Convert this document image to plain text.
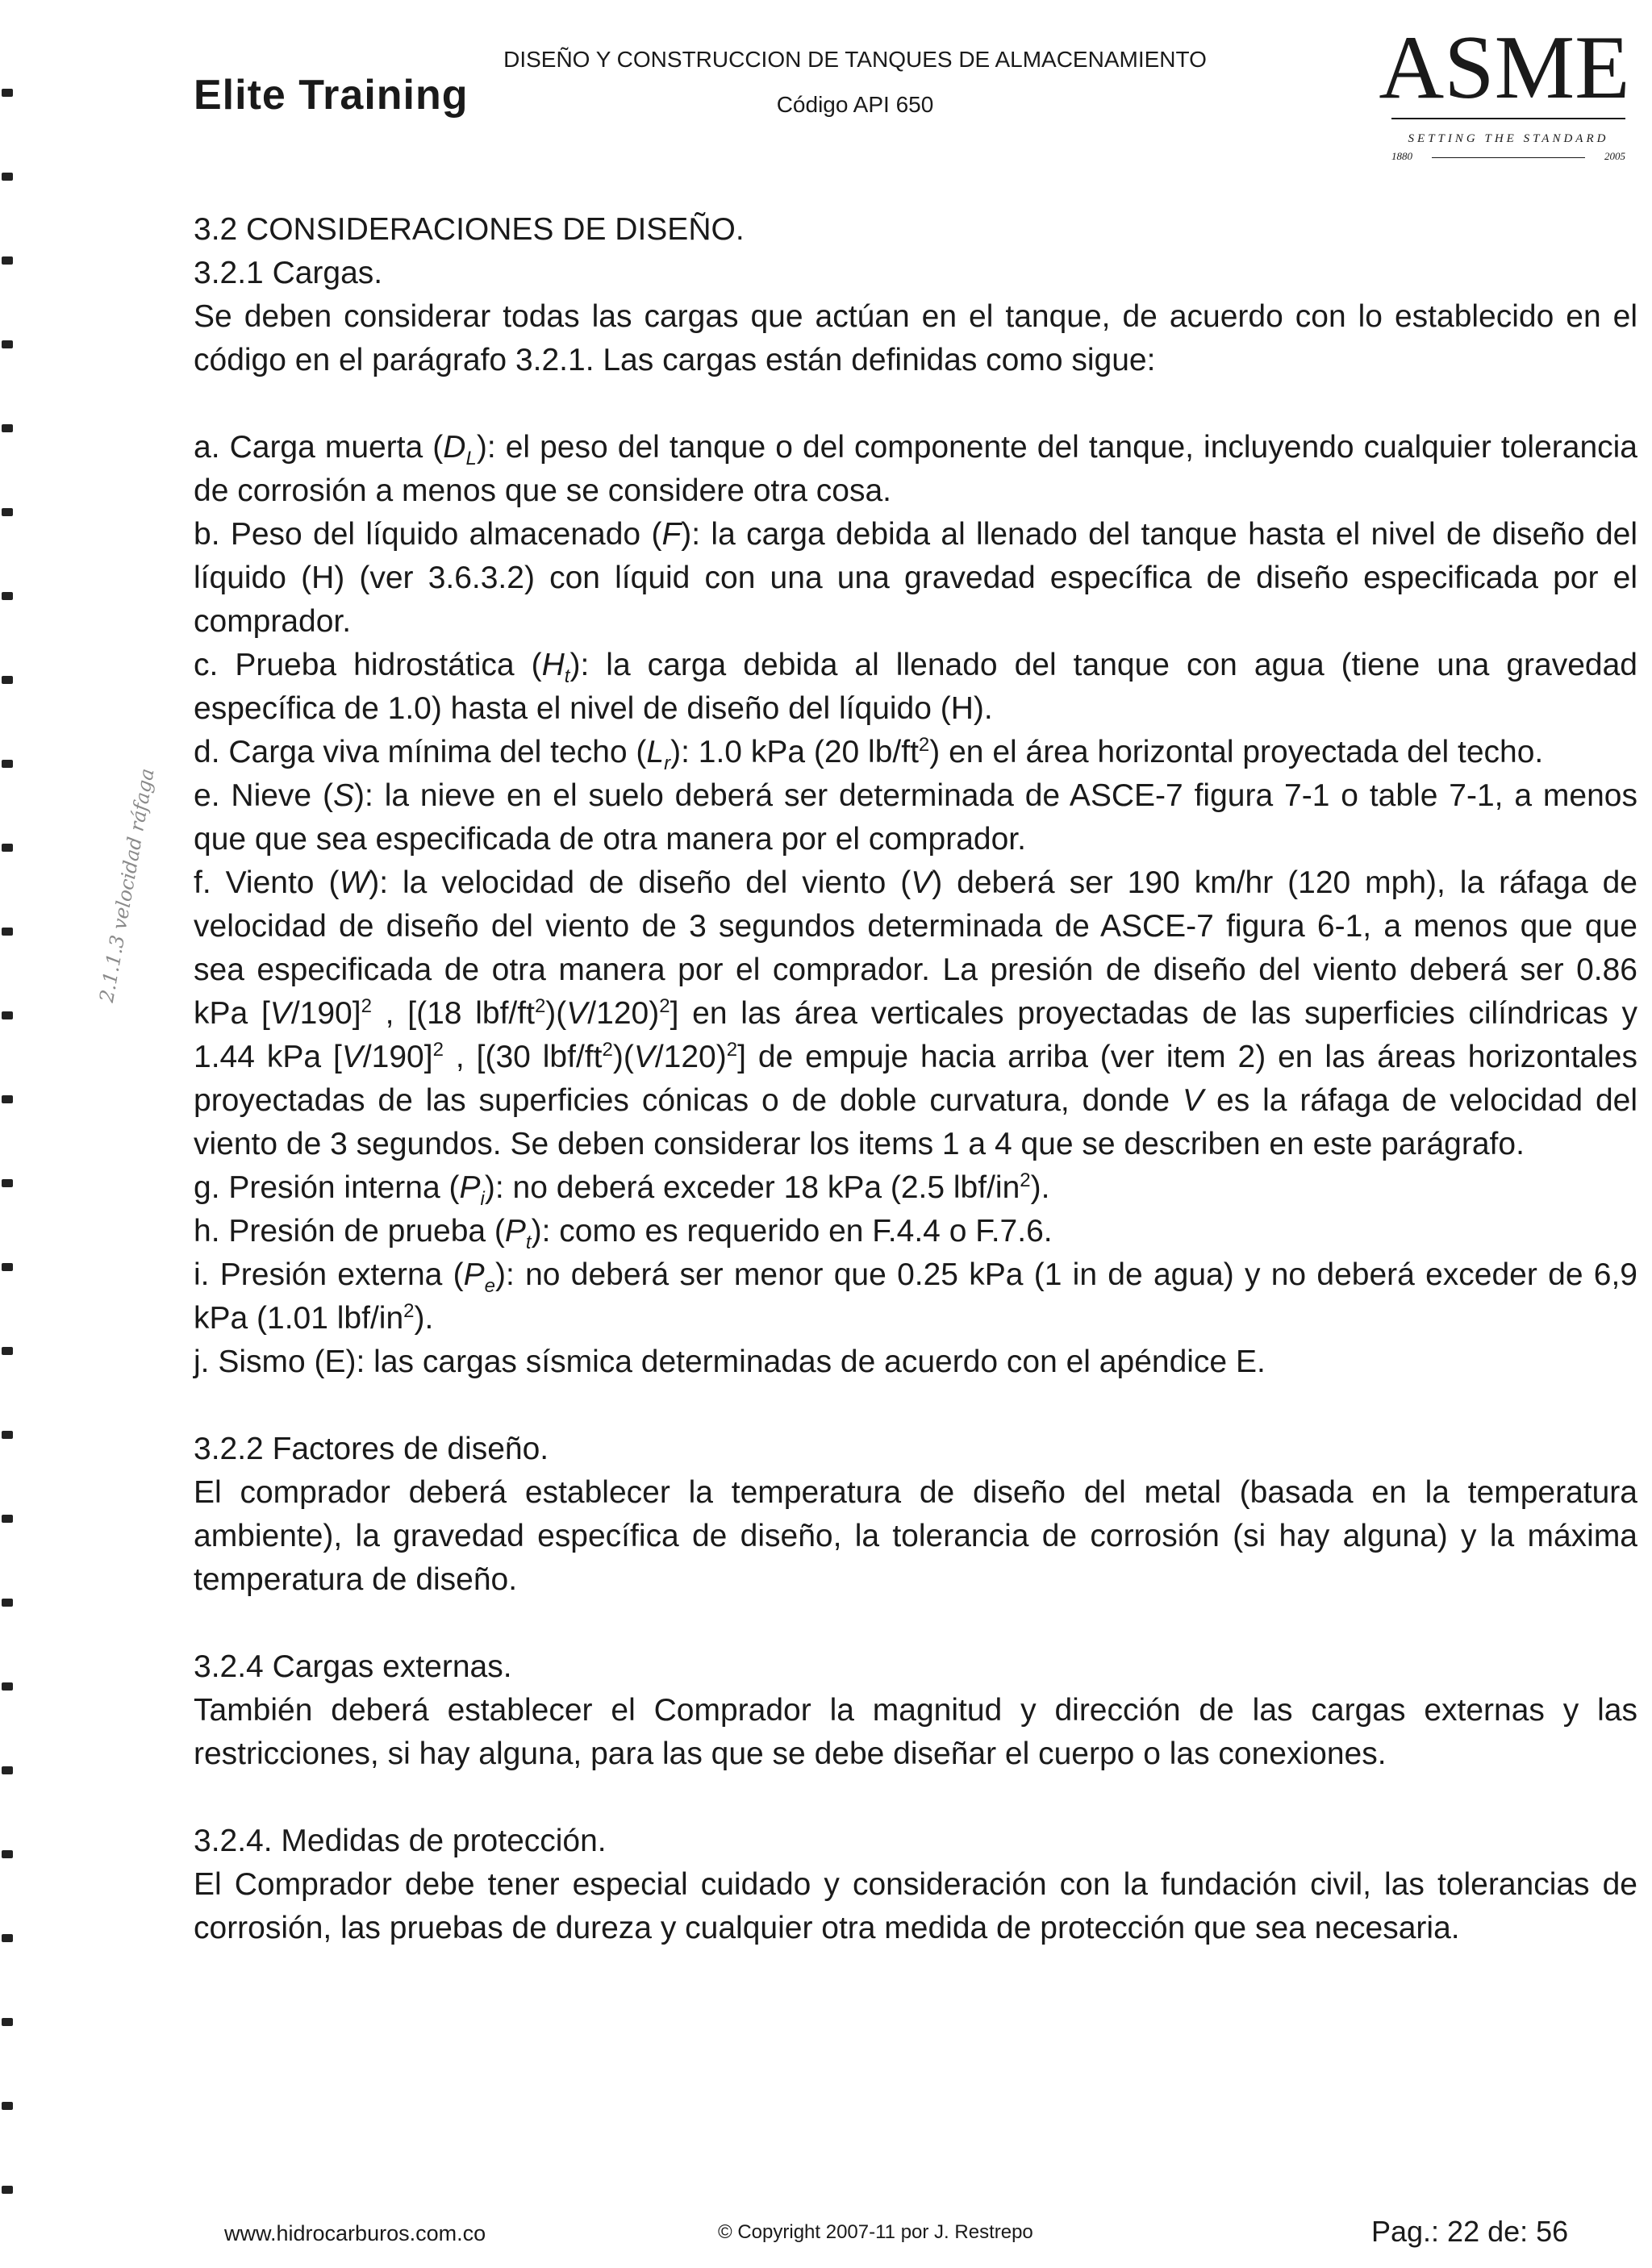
Elite Training
DISEÑO Y CONSTRUCCION DE TANQUES DE ALMACENAMIENTO
Código API 650	ASME
SETTING THE STANDARD
1880	2005
2.1.1.3 velocidad ráfaga

3.2 CONSIDERACIONES DE DISEÑO.

3.2.1 Cargas.

Se deben considerar todas las cargas que actúan en el tanque, de acuerdo con lo establecido en el código en el parágrafo 3.2.1. Las cargas están definidas como sigue:

a. Carga muerta $(D_L)$: el peso del tanque o del componente del tanque, incluyendo cualquier tolerancia de corrosión a menos que se considere otra cosa.

b. Peso del líquido almacenado (F): la carga debida al llenado del tanque hasta el nivel de diseño del líquido (H) (ver 3.6.3.2) con líquid con una una gravedad específica de diseño especificada por el comprador.

c. Prueba hidrostática $(H_t)$: la carga debida al llenado del tanque con agua (tiene una gravedad específica de 1.0) hasta el nivel de diseño del líquido (H).

d. Carga viva mínima del techo $(L_r)$: 1.0 kPa (20 $lb/ft^2$) en el área horizontal proyectada del techo.

e. Nieve (S): la nieve en el suelo deberá ser determinada de ASCE-7 figura 7-1 o table 7-1, a menos que que sea especificada de otra manera por el comprador.

f. Viento (W): la velocidad de diseño del viento (V) deberá ser 190 km/hr (120 mph), la ráfaga de velocidad de diseño del viento de 3 segundos determinada de ASCE-7 figura 6-1, a menos que que sea especificada de otra manera por el comprador. La presión de diseño del viento deberá ser 0.86 kPa $[V/190]^2$ , [(18 lbf/$ft^2)(V/120)^2$] en las área verticales proyectadas de las superficies cilíndricas y 1.44 kPa $[V/190]^2$ , [(30 lbf/$ft^2)(V/120)^2$] de empuje hacia arriba (ver item 2) en las áreas horizontales proyectadas de las superficies cónicas o de doble curvatura, donde V es la ráfaga de velocidad del viento de 3 segundos. Se deben considerar los items 1 a 4 que se describen en este parágrafo.

g. Presión interna $(P_i)$: no deberá exceder 18 kPa (2.5 lbf/$in^2$).

h. Presión de prueba $(P_t)$: como es requerido en F.4.4 o F.7.6.

i. Presión externa $(P_e)$: no deberá ser menor que 0.25 kPa (1 in de agua) y no deberá exceder de 6,9 kPa (1.01 lbf/$in^2$).

j. Sismo (E): las cargas sísmica determinadas de acuerdo con el apéndice E.

3.2.2 Factores de diseño.

El comprador deberá establecer la temperatura de diseño del metal (basada en la temperatura ambiente), la gravedad específica de diseño, la tolerancia de corrosión (si hay alguna) y la máxima temperatura de diseño.

3.2.4 Cargas externas.

También deberá establecer el Comprador la magnitud y dirección de las cargas externas y las restricciones, si hay alguna, para las que se debe diseñar el cuerpo o las conexiones.

3.2.4. Medidas de protección.

El Comprador debe tener especial cuidado y consideración con la fundación civil, las tolerancias de corrosión, las pruebas de dureza y cualquier otra medida de protección que sea necesaria.

www.hidrocarburos.com.co	© Copyright 2007-11 por J. Restrepo	Pag.: 22 de: 56
